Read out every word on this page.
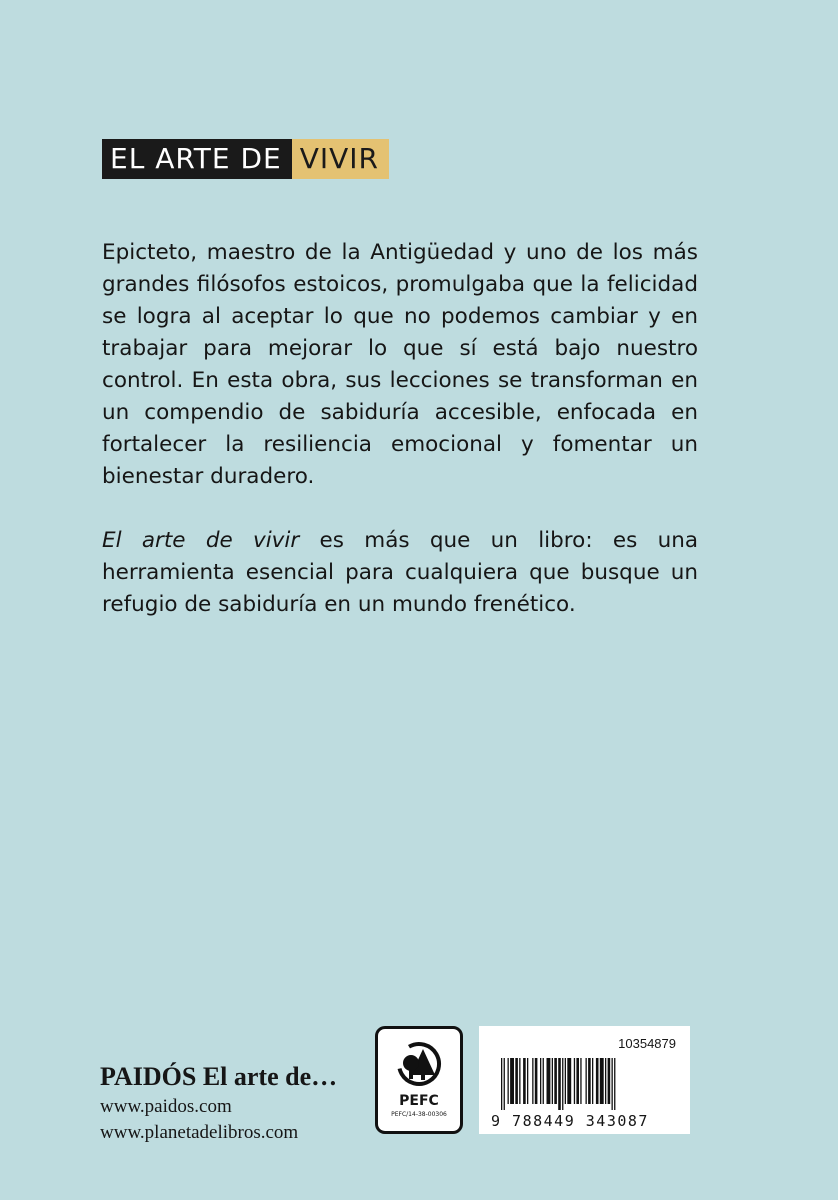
EL ARTE DE VIVIR

Epicteto, maestro de la Antigüedad y uno de los más grandes filósofos estoicos, promulgaba que la felicidad se logra al aceptar lo que no podemos cambiar y en trabajar para mejorar lo que sí está bajo nuestro control. En esta obra, sus lecciones se transforman en un compendio de sabiduría accesible, enfocada en fortalecer la resiliencia emocional y fomentar un bienestar duradero.

El arte de vivir es más que un libro: es una herramienta esencial para cualquiera que busque un refugio de sabiduría en un mundo frenético.

PAIDÓS El arte de…
www.paidos.com
www.planetadelibros.com
PEFC
PEFC/14-38-00306
10354879
9 788449 343087
